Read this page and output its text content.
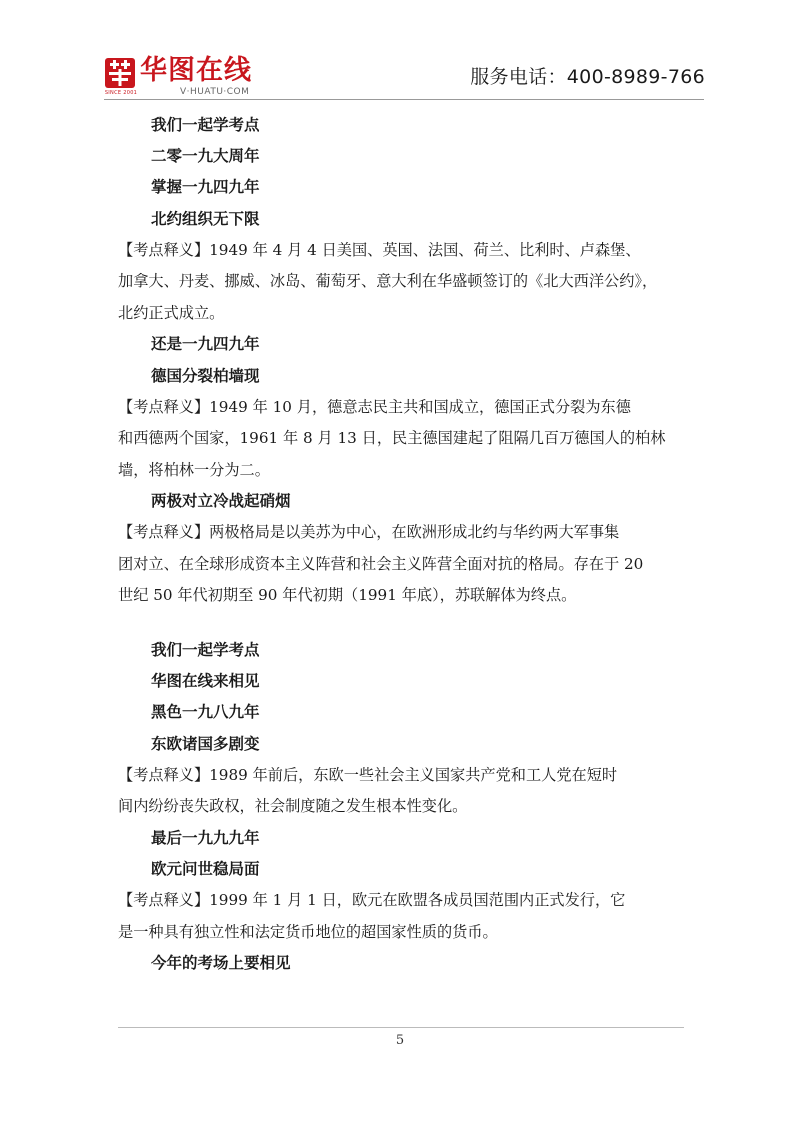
SINCE 2001
华图在线
V·HUATU·COM
服务电话：400-8989-766

我们一起学考点

二零一九大周年

掌握一九四九年

北约组织无下限

【考点释义】1949 年 4 月 4 日美国、英国、法国、荷兰、比利时、卢森堡、
加拿大、丹麦、挪威、冰岛、葡萄牙、意大利在华盛顿签订的《北大西洋公约》，
北约正式成立。

还是一九四九年

德国分裂柏墙现

【考点释义】1949 年 10 月，德意志民主共和国成立，德国正式分裂为东德
和西德两个国家，1961 年 8 月 13 日，民主德国建起了阻隔几百万德国人的柏林
墙，将柏林一分为二。

两极对立冷战起硝烟

【考点释义】两极格局是以美苏为中心，在欧洲形成北约与华约两大军事集
团对立、在全球形成资本主义阵营和社会主义阵营全面对抗的格局。存在于 20
世纪 50 年代初期至 90 年代初期（1991 年底），苏联解体为终点。

我们一起学考点

华图在线来相见

黑色一九八九年

东欧诸国多剧变

【考点释义】1989 年前后，东欧一些社会主义国家共产党和工人党在短时
间内纷纷丧失政权，社会制度随之发生根本性变化。

最后一九九九年

欧元问世稳局面

【考点释义】1999 年 1 月 1 日，欧元在欧盟各成员国范围内正式发行，它
是一种具有独立性和法定货币地位的超国家性质的货币。

今年的考场上要相见

5
